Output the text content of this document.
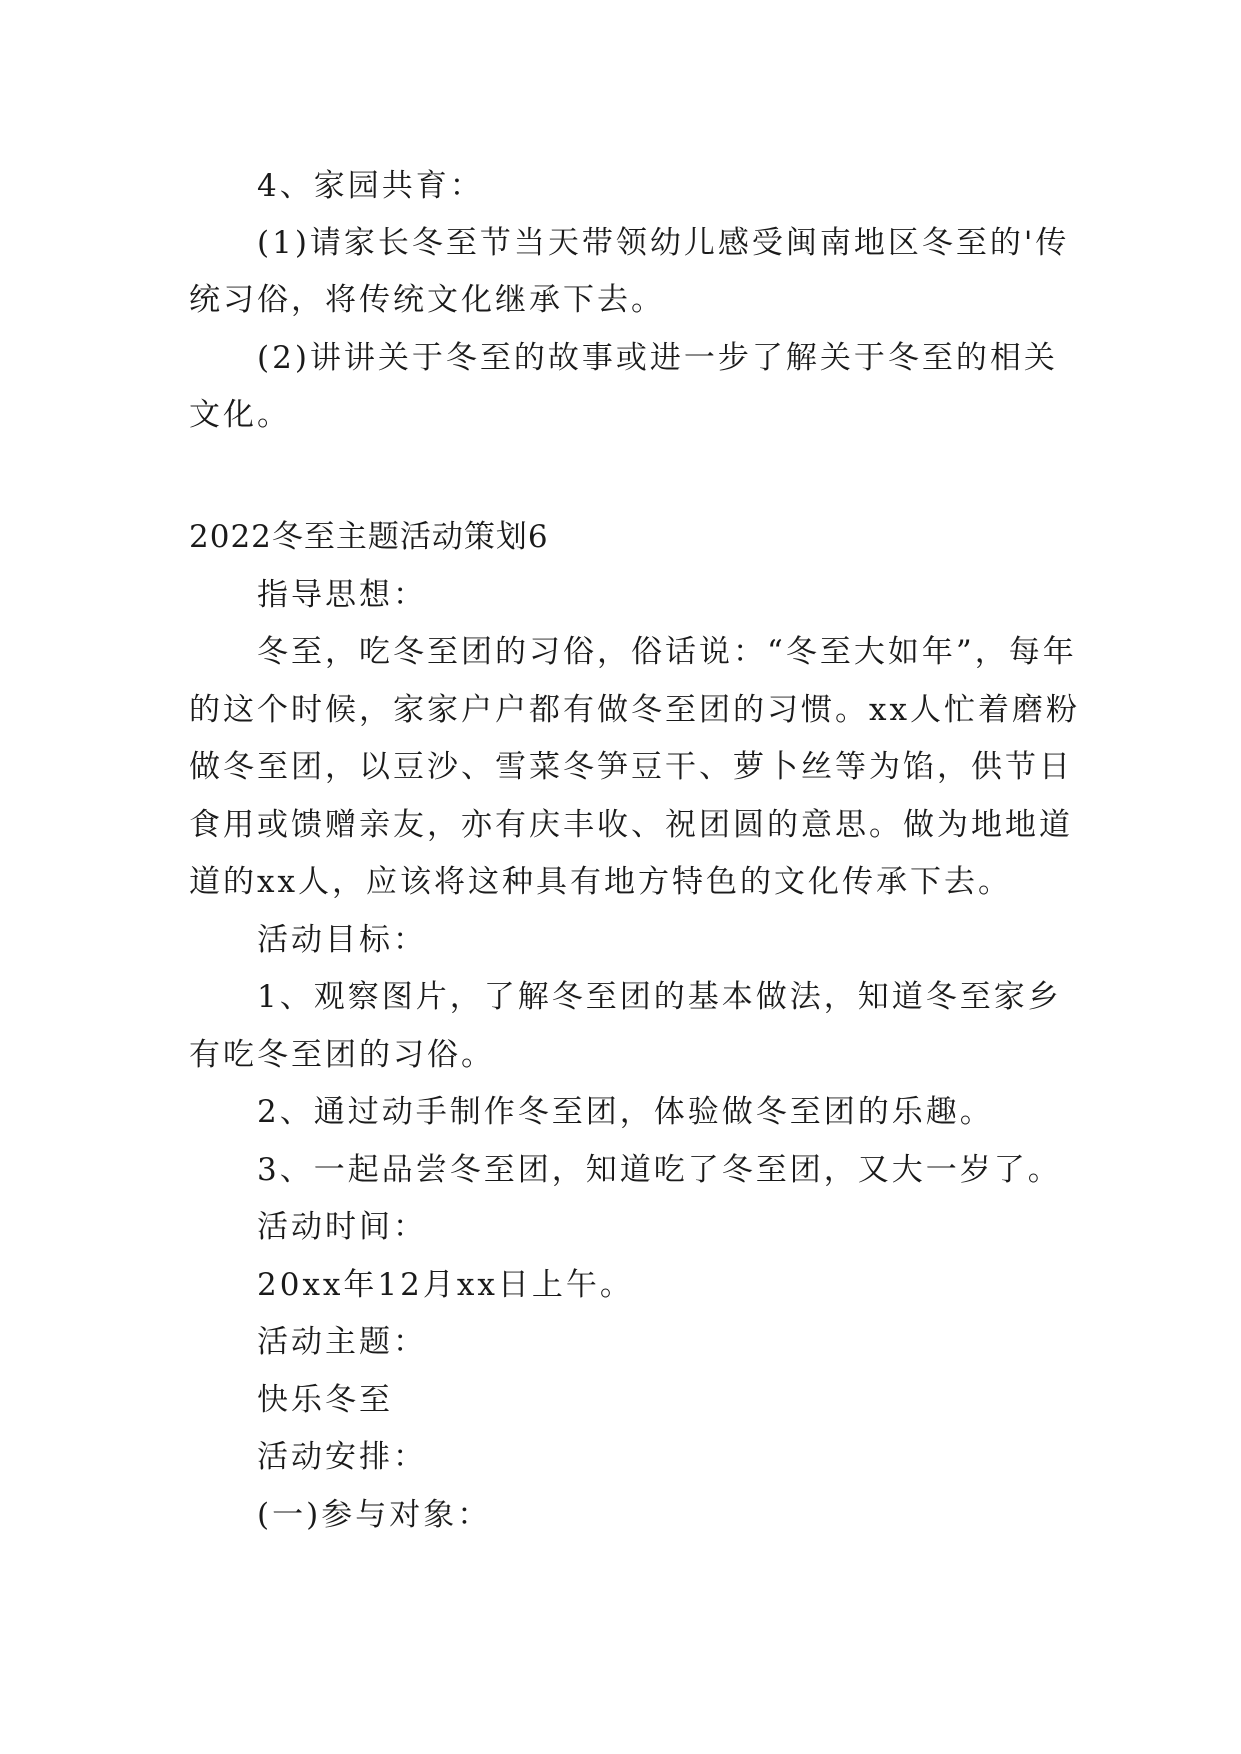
4、家园共育：
(1)请家长冬至节当天带领幼儿感受闽南地区冬至的'传
统习俗，将传统文化继承下去。
(2)讲讲关于冬至的故事或进一步了解关于冬至的相关
文化。
2022冬至主题活动策划6
指导思想：
冬至，吃冬至团的习俗，俗话说：“冬至大如年”，每年
的这个时候，家家户户都有做冬至团的习惯。xx人忙着磨粉
做冬至团，以豆沙、雪菜冬笋豆干、萝卜丝等为馅，供节日
食用或馈赠亲友，亦有庆丰收、祝团圆的意思。做为地地道
道的xx人，应该将这种具有地方特色的文化传承下去。
活动目标：
1、观察图片，了解冬至团的基本做法，知道冬至家乡
有吃冬至团的习俗。
2、通过动手制作冬至团，体验做冬至团的乐趣。
3、一起品尝冬至团，知道吃了冬至团，又大一岁了。
活动时间：
20xx年12月xx日上午。
活动主题：
快乐冬至
活动安排：
(一)参与对象：
